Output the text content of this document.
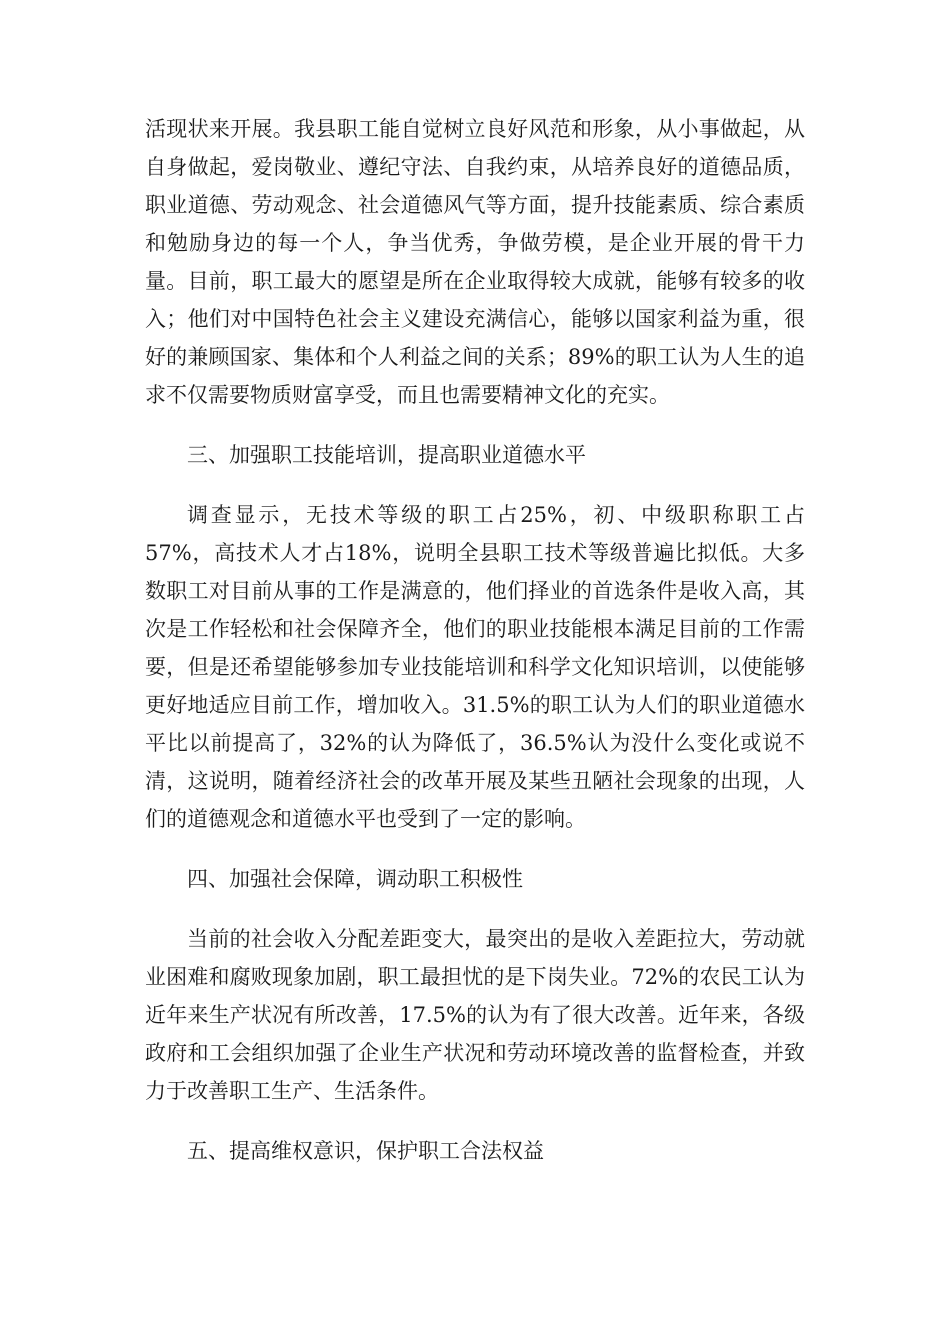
活现状来开展。我县职工能自觉树立良好风范和形象，从小事做起，从自身做起，爱岗敬业、遵纪守法、自我约束，从培养良好的道德品质，职业道德、劳动观念、社会道德风气等方面，提升技能素质、综合素质和勉励身边的每一个人，争当优秀，争做劳模，是企业开展的骨干力量。目前，职工最大的愿望是所在企业取得较大成就，能够有较多的收入；他们对中国特色社会主义建设充满信心，能够以国家利益为重，很好的兼顾国家、集体和个人利益之间的关系；89%的职工认为人生的追求不仅需要物质财富享受，而且也需要精神文化的充实。

三、加强职工技能培训，提高职业道德水平

调查显示，无技术等级的职工占25%，初、中级职称职工占57%，高技术人才占18%，说明全县职工技术等级普遍比拟低。大多数职工对目前从事的工作是满意的，他们择业的首选条件是收入高，其次是工作轻松和社会保障齐全，他们的职业技能根本满足目前的工作需要，但是还希望能够参加专业技能培训和科学文化知识培训，以使能够更好地适应目前工作，增加收入。31.5%的职工认为人们的职业道德水平比以前提高了，32%的认为降低了，36.5%认为没什么变化或说不清，这说明，随着经济社会的改革开展及某些丑陋社会现象的出现，人们的道德观念和道德水平也受到了一定的影响。

四、加强社会保障，调动职工积极性

当前的社会收入分配差距变大，最突出的是收入差距拉大，劳动就业困难和腐败现象加剧，职工最担忧的是下岗失业。72%的农民工认为近年来生产状况有所改善，17.5%的认为有了很大改善。近年来，各级政府和工会组织加强了企业生产状况和劳动环境改善的监督检查，并致力于改善职工生产、生活条件。

五、提高维权意识，保护职工合法权益
